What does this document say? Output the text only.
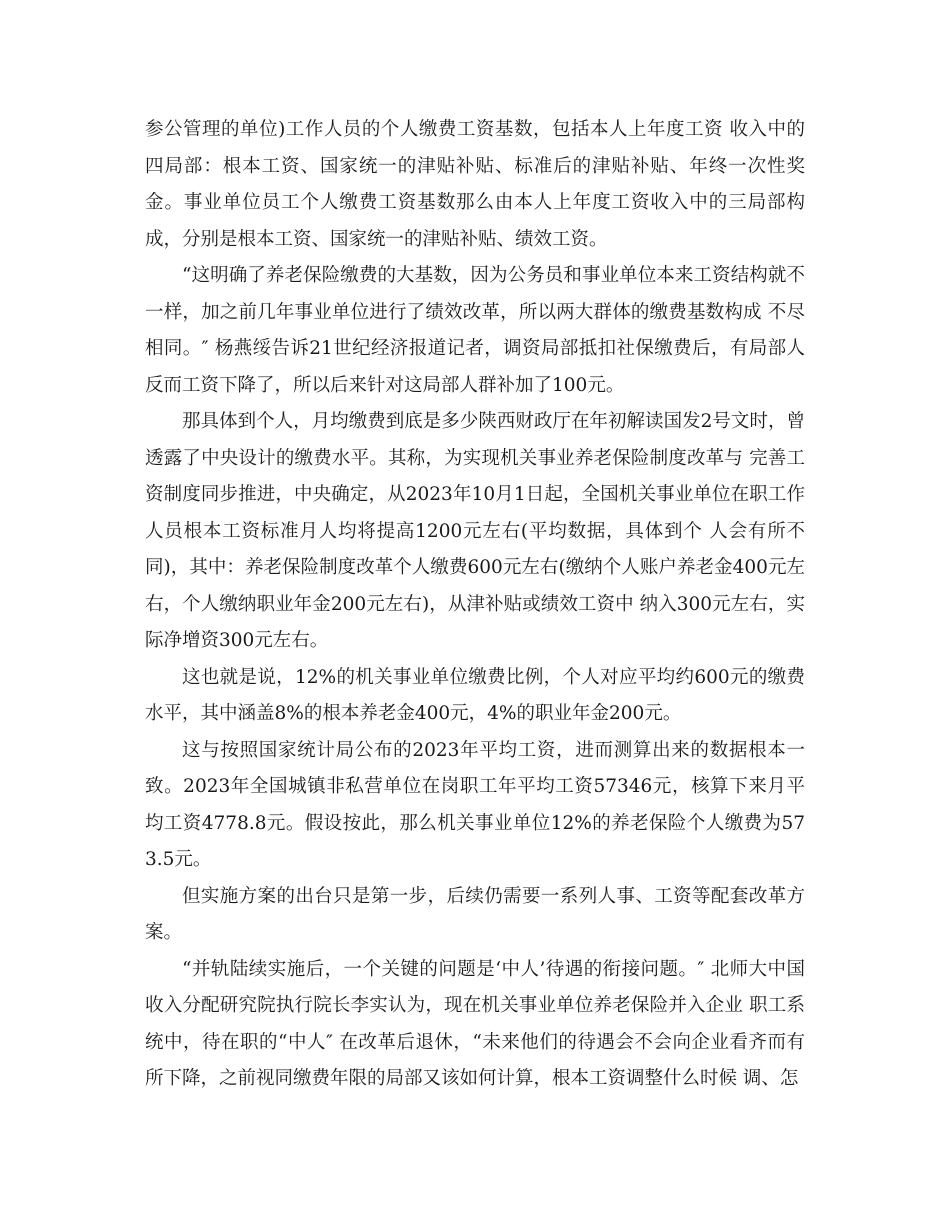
参公管理的单位)工作人员的个人缴费工资基数，包括本人上年度工资 收入中的四局部：根本工资、国家统一的津贴补贴、标准后的津贴补贴、年终一次性奖金。事业单位员工个人缴费工资基数那么由本人上年度工资收入中的三局部构成，分别是根本工资、国家统一的津贴补贴、绩效工资。

“这明确了养老保险缴费的大基数，因为公务员和事业单位本来工资结构就不一样，加之前几年事业单位进行了绩效改革，所以两大群体的缴费基数构成 不尽相同。″ 杨燕绥告诉21世纪经济报道记者，调资局部抵扣社保缴费后，有局部人反而工资下降了，所以后来针对这局部人群补加了100元。

那具体到个人，月均缴费到底是多少陕西财政厅在年初解读国发2号文时，曾透露了中央设计的缴费水平。其称，为实现机关事业养老保险制度改革与 完善工资制度同步推进，中央确定，从2023年10月1日起，全国机关事业单位在职工作人员根本工资标准月人均将提高1200元左右(平均数据，具体到个 人会有所不同)，其中：养老保险制度改革个人缴费600元左右(缴纳个人账户养老金400元左右，个人缴纳职业年金200元左右)，从津补贴或绩效工资中 纳入300元左右，实际净增资300元左右。

这也就是说，12%的机关事业单位缴费比例，个人对应平均约600元的缴费水平，其中涵盖8%的根本养老金400元，4%的职业年金200元。

这与按照国家统计局公布的2023年平均工资，进而测算出来的数据根本一致。2023年全国城镇非私营单位在岗职工年平均工资57346元，核算下来月平均工资4778.8元。假设按此，那么机关事业单位12%的养老保险个人缴费为573.5元。

但实施方案的出台只是第一步，后续仍需要一系列人事、工资等配套改革方案。

“并轨陆续实施后，一个关键的问题是‘中人’待遇的衔接问题。″ 北师大中国收入分配研究院执行院长李实认为，现在机关事业单位养老保险并入企业 职工系统中，待在职的“中人″ 在改革后退休，“未来他们的待遇会不会向企业看齐而有所下降，之前视同缴费年限的局部又该如何计算，根本工资调整什么时候 调、怎
